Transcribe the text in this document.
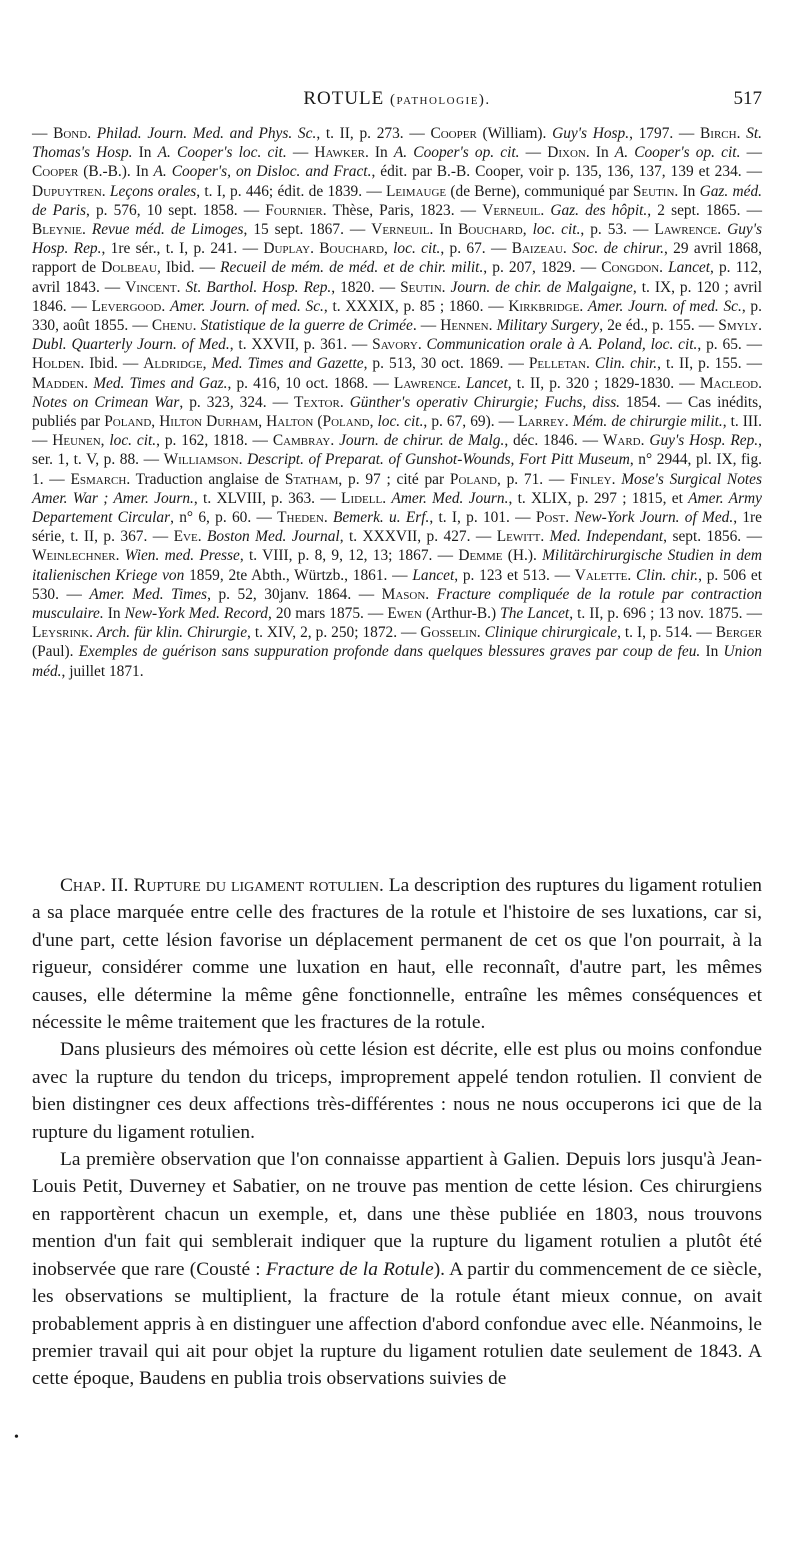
ROTULE (pathologie).	517
— Bond. Philad. Journ. Med. and Phys. Sc., t. II, p. 273. — Cooper (William). Guy's Hosp., 1797. — Birch. St. Thomas's Hosp. In A. Cooper's loc. cit. — Hawker. In A. Cooper's op. cit. — Dixon. In A. Cooper's op. cit. — Cooper (B.-B.). In A. Cooper's, on Disloc. and Fract., édit. par B.-B. Cooper, voir p. 135, 136, 137, 139 et 234. — Dupuytren. Leçons orales, t. I, p. 446; édit. de 1839. — Leimauge (de Berne), communiqué par Seutin. In Gaz. méd. de Paris, p. 576, 10 sept. 1858. — Fournier. Thèse, Paris, 1823. — Verneuil. Gaz. des hôpit., 2 sept. 1865. — Bleynie. Revue méd. de Limoges, 15 sept. 1867. — Verneuil. In Bouchard, loc. cit., p. 53. — Lawrence. Guy's Hosp. Rep., 1re sér., t. I, p. 241. — Duplay. Bouchard, loc. cit., p. 67. — Baizeau. Soc. de chirur., 29 avril 1868, rapport de Dolbeau, Ibid. — Recueil de mém. de méd. et de chir. milit., p. 207, 1829. — Congdon. Lancet, p. 112, avril 1843. — Vincent. St. Barthol. Hosp. Rep., 1820. — Seutin. Journ. de chir. de Malgaigne, t. IX, p. 120 ; avril 1846. — Levergood. Amer. Journ. of med. Sc., t. XXXIX, p. 85 ; 1860. — Kirkbridge. Amer. Journ. of med. Sc., p. 330, août 1855. — Chenu. Statistique de la guerre de Crimée. — Hennen. Military Surgery, 2e éd., p. 155. — Smyly. Dubl. Quarterly Journ. of Med., t. XXVII, p. 361. — Savory. Communication orale à A. Poland, loc. cit., p. 65. — Holden. Ibid. — Aldridge, Med. Times and Gazette, p. 513, 30 oct. 1869. — Pelletan. Clin. chir., t. II, p. 155. — Madden. Med. Times and Gaz., p. 416, 10 oct. 1868. — Lawrence. Lancet, t. II, p. 320 ; 1829-1830. — Macleod. Notes on Crimean War, p. 323, 324. — Textor. Günther's operativ Chirurgie; Fuchs, diss. 1854. — Cas inédits, publiés par Poland, Hilton Durham, Halton (Poland, loc. cit., p. 67, 69). — Larrey. Mém. de chirurgie milit., t. III. — Heunen, loc. cit., p. 162, 1818. — Cambray. Journ. de chirur. de Malg., déc. 1846. — Ward. Guy's Hosp. Rep., ser. 1, t. V, p. 88. — Williamson. Descript. of Preparat. of Gunshot-Wounds, Fort Pitt Museum, n° 2944, pl. IX, fig. 1. — Esmarch. Traduction anglaise de Statham, p. 97 ; cité par Poland, p. 71. — Finley. Mose's Surgical Notes Amer. War ; Amer. Journ., t. XLVIII, p. 363. — Lidell. Amer. Med. Journ., t. XLIX, p. 297 ; 1815, et Amer. Army Departement Circular, n° 6, p. 60. — Theden. Bemerk. u. Erf., t. I, p. 101. — Post. New-York Journ. of Med., 1re série, t. II, p. 367. — Eve. Boston Med. Journal, t. XXXVII, p. 427. — Lewitt. Med. Independant, sept. 1856. — Weinlechner. Wien. med. Presse, t. VIII, p. 8, 9, 12, 13; 1867. — Demme (H.). Militärchirurgische Studien in dem italienischen Kriege von 1859, 2te Abth., Würtzb., 1861. — Lancet, p. 123 et 513. — Valette. Clin. chir., p. 506 et 530. — Amer. Med. Times, p. 52, 30janv. 1864. — Mason. Fracture compliquée de la rotule par contraction musculaire. In New-York Med. Record, 20 mars 1875. — Ewen (Arthur-B.) The Lancet, t. II, p. 696 ; 13 nov. 1875. — Leysrink. Arch. für klin. Chirurgie, t. XIV, 2, p. 250; 1872. — Gosselin. Clinique chirurgicale, t. I, p. 514. — Berger (Paul). Exemples de guérison sans suppuration profonde dans quelques blessures graves par coup de feu. In Union méd., juillet 1871.

Chap. II. Rupture du ligament rotulien. La description des ruptures du ligament rotulien a sa place marquée entre celle des fractures de la rotule et l'histoire de ses luxations, car si, d'une part, cette lésion favorise un déplacement permanent de cet os que l'on pourrait, à la rigueur, considérer comme une luxation en haut, elle reconnaît, d'autre part, les mêmes causes, elle détermine la même gêne fonctionnelle, entraîne les mêmes conséquences et nécessite le même traitement que les fractures de la rotule.

Dans plusieurs des mémoires où cette lésion est décrite, elle est plus ou moins confondue avec la rupture du tendon du triceps, improprement appelé tendon rotulien. Il convient de bien distingner ces deux affections très-différentes : nous ne nous occuperons ici que de la rupture du ligament rotulien.

La première observation que l'on connaisse appartient à Galien. Depuis lors jusqu'à Jean-Louis Petit, Duverney et Sabatier, on ne trouve pas mention de cette lésion. Ces chirurgiens en rapportèrent chacun un exemple, et, dans une thèse publiée en 1803, nous trouvons mention d'un fait qui semblerait indiquer que la rupture du ligament rotulien a plutôt été inobservée que rare (Cousté : Fracture de la Rotule). A partir du commencement de ce siècle, les observations se multiplient, la fracture de la rotule étant mieux connue, on avait probablement appris à en distinguer une affection d'abord confondue avec elle. Néanmoins, le premier travail qui ait pour objet la rupture du ligament rotulien date seulement de 1843. A cette époque, Baudens en publia trois observations suivies de

•
